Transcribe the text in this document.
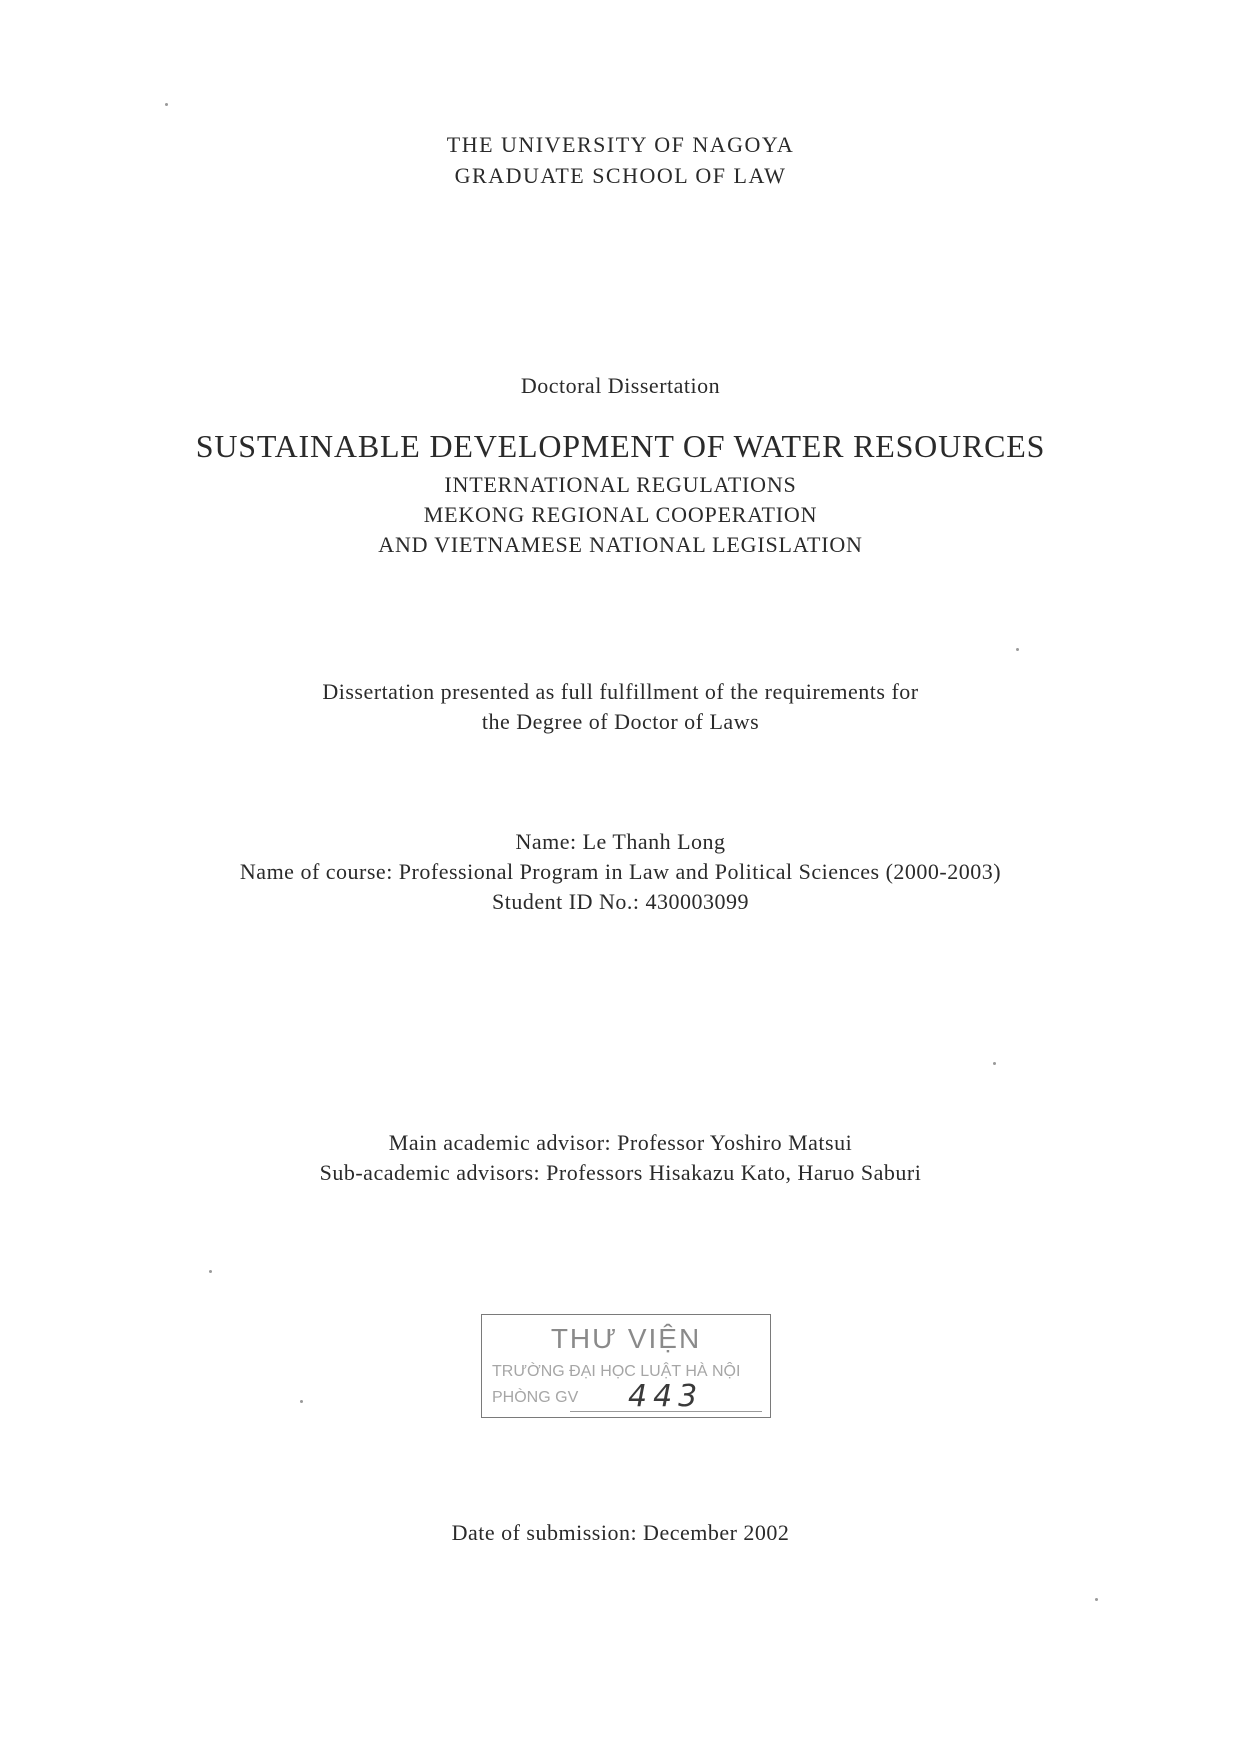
THE UNIVERSITY OF NAGOYA
GRADUATE SCHOOL OF LAW
Doctoral Dissertation
SUSTAINABLE DEVELOPMENT OF WATER RESOURCES
INTERNATIONAL REGULATIONS
MEKONG REGIONAL COOPERATION
AND VIETNAMESE NATIONAL LEGISLATION
Dissertation presented as full fulfillment of the requirements for
the Degree of Doctor of Laws
Name: Le Thanh Long
Name of course: Professional Program in Law and Political Sciences (2000-2003)
Student ID No.: 430003099
Main academic advisor: Professor Yoshiro Matsui
Sub-academic advisors: Professors Hisakazu Kato, Haruo Saburi
THƯ VIỆN
TRƯỜNG ĐẠI HỌC LUẬT HÀ NỘI
PHÒNG GV 443
Date of submission: December 2002
